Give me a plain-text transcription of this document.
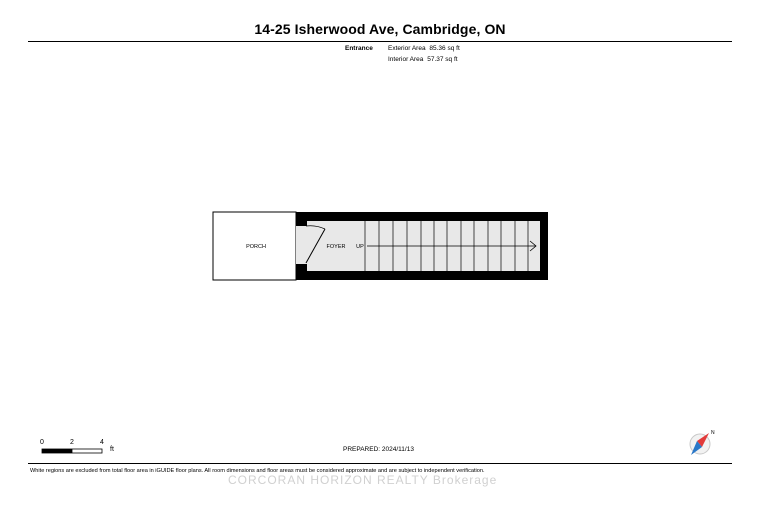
14-25 Isherwood Ave, Cambridge, ON
Entrance Exterior Area 85.36 sq ft
Interior Area 57.37 sq ft
PORCH	FOYER UP
N
0	2	4
ft	PREPARED: 2024/11/13
White regions are excluded from total floor area in iGUIDE floor plans. All room dimensions and floor areas must be considered approximate and are subject to independent verification.
CORCORAN HORIZON REALTY Brokerage
